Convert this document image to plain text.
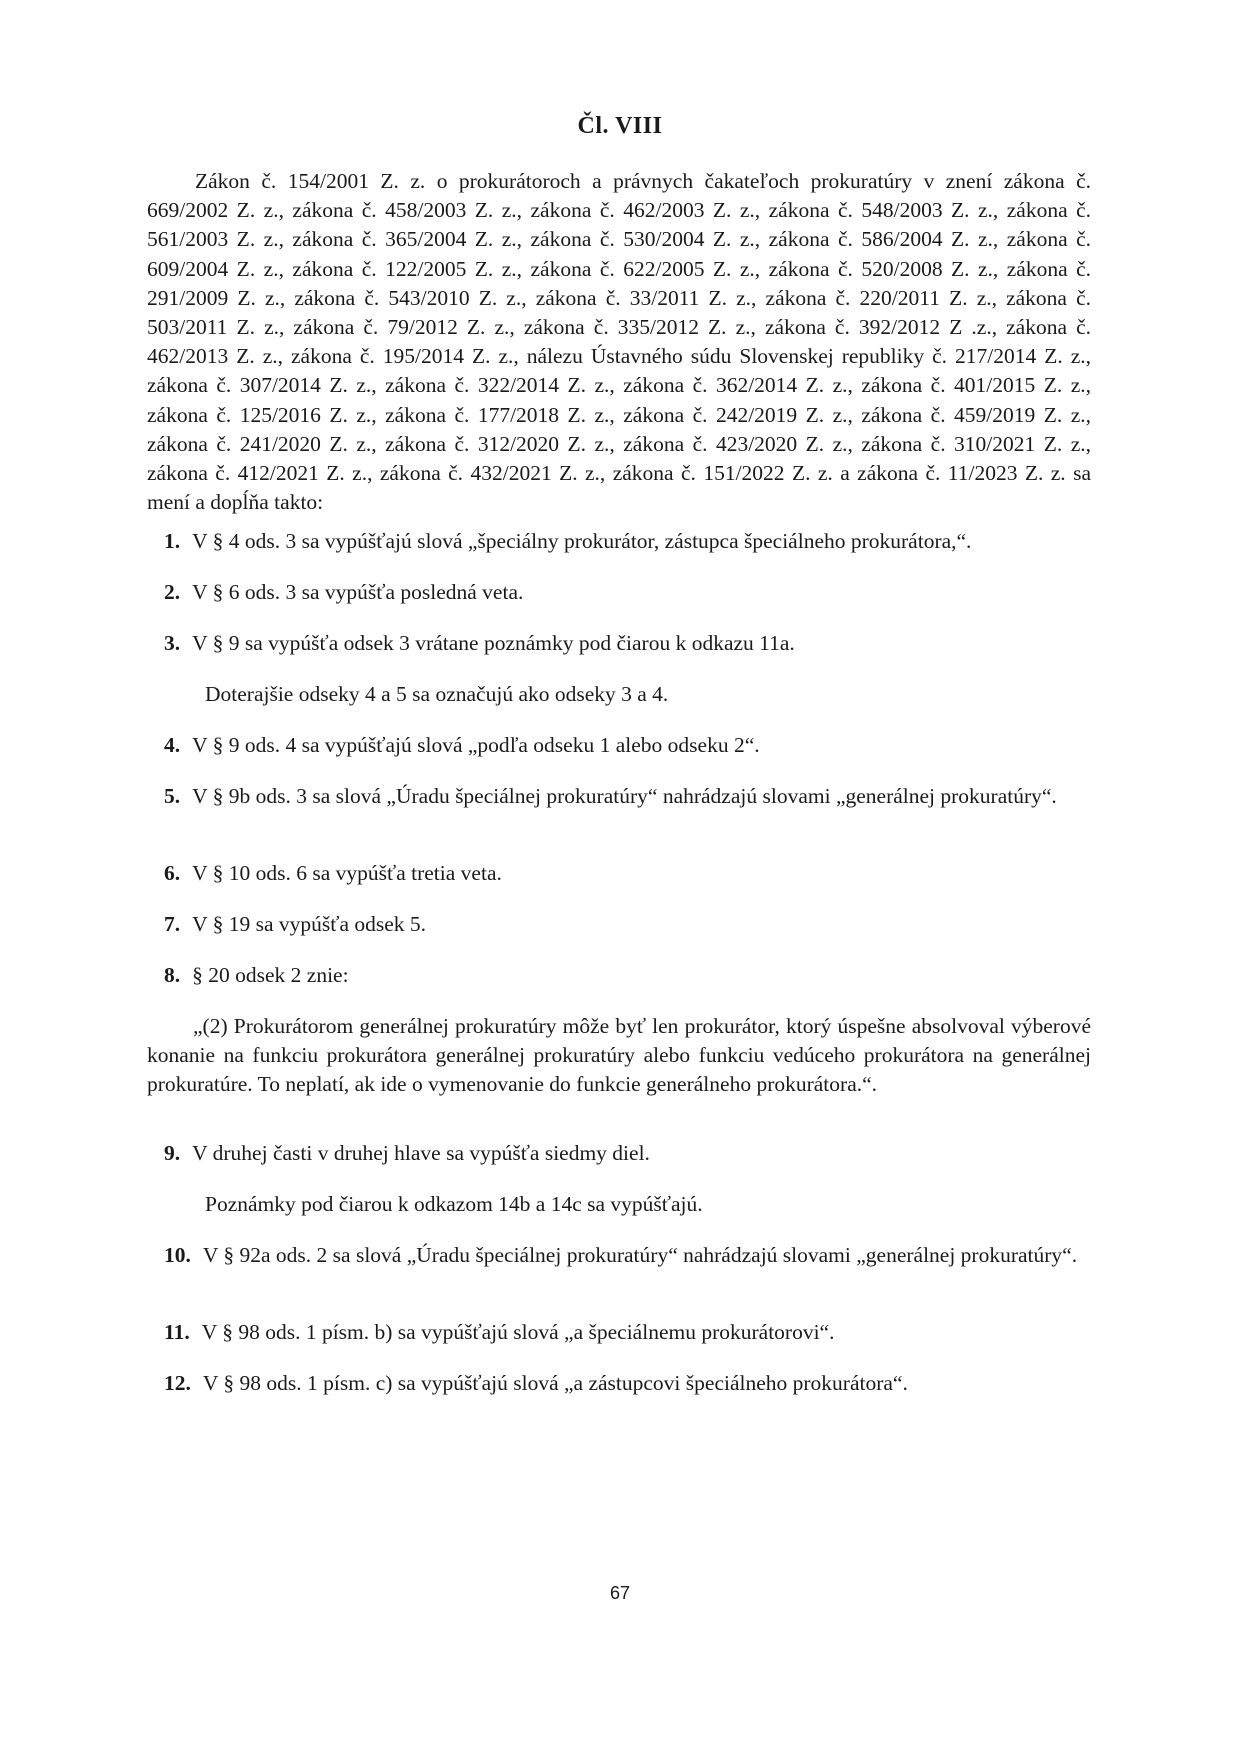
Čl. VIII

Zákon č. 154/2001 Z. z. o prokurátoroch a právnych čakateľoch prokuratúry v znení zákona č. 669/2002 Z. z., zákona č. 458/2003 Z. z., zákona č. 462/2003 Z. z., zákona č. 548/2003 Z. z., zákona č. 561/2003 Z. z., zákona č. 365/2004 Z. z., zákona č. 530/2004 Z. z., zákona č. 586/2004 Z. z., zákona č. 609/2004 Z. z., zákona č. 122/2005 Z. z., zákona č. 622/2005 Z. z., zákona č. 520/2008 Z. z., zákona č. 291/2009 Z. z., zákona č. 543/2010 Z. z., zákona č. 33/2011 Z. z., zákona č. 220/2011 Z. z., zákona č. 503/2011 Z. z., zákona č. 79/2012 Z. z., zákona č. 335/2012 Z. z., zákona č. 392/2012 Z .z., zákona č. 462/2013 Z. z., zákona č. 195/2014 Z. z., nálezu Ústavného súdu Slovenskej republiky č. 217/2014 Z. z., zákona č. 307/2014 Z. z., zákona č. 322/2014 Z. z., zákona č. 362/2014 Z. z., zákona č. 401/2015 Z. z., zákona č. 125/2016 Z. z., zákona č. 177/2018 Z. z., zákona č. 242/2019 Z. z., zákona č. 459/2019 Z. z., zákona č. 241/2020 Z. z., zákona č. 312/2020 Z. z., zákona č. 423/2020 Z. z., zákona č. 310/2021 Z. z., zákona č. 412/2021 Z. z., zákona č. 432/2021 Z. z., zákona č. 151/2022 Z. z. a zákona č. 11/2023 Z. z. sa mení a dopĺňa takto:

1. V § 4 ods. 3 sa vypúšťajú slová „špeciálny prokurátor, zástupca špeciálneho prokurátora,“.

2. V § 6 ods. 3 sa vypúšťa posledná veta.

3. V § 9 sa vypúšťa odsek 3 vrátane poznámky pod čiarou k odkazu 11a.

Doterajšie odseky 4 a 5 sa označujú ako odseky 3 a 4.

4. V § 9 ods. 4 sa vypúšťajú slová „podľa odseku 1 alebo odseku 2“.

5. V § 9b ods. 3 sa slová „Úradu špeciálnej prokuratúry“ nahrádzajú slovami „generálnej prokuratúry“.

6. V § 10 ods. 6 sa vypúšťa tretia veta.

7. V § 19 sa vypúšťa odsek 5.

8. § 20 odsek 2 znie:

„(2) Prokurátorom generálnej prokuratúry môže byť len prokurátor, ktorý úspešne absolvoval výberové konanie na funkciu prokurátora generálnej prokuratúry alebo funkciu vedúceho prokurátora na generálnej prokuratúre. To neplatí, ak ide o vymenovanie do funkcie generálneho prokurátora.“.

9. V druhej časti v druhej hlave sa vypúšťa siedmy diel.

Poznámky pod čiarou k odkazom 14b a 14c sa vypúšťajú.

10. V § 92a ods. 2 sa slová „Úradu špeciálnej prokuratúry“ nahrádzajú slovami „generálnej prokuratúry“.

11. V § 98 ods. 1 písm. b) sa vypúšťajú slová „a špeciálnemu prokurátorovi“.

12. V § 98 ods. 1 písm. c) sa vypúšťajú slová „a zástupcovi špeciálneho prokurátora“.

67
